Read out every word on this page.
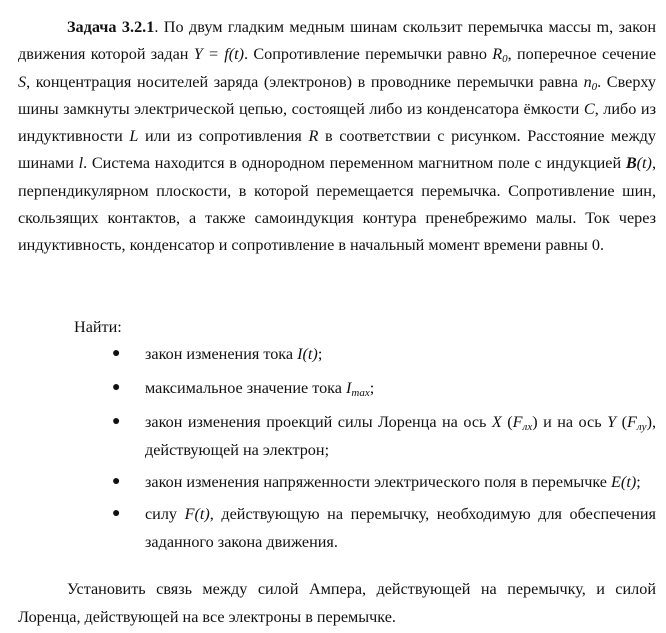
Задача 3.2.1. По двум гладким медным шинам скользит перемычка массы m, закон движения которой задан Y = f(t). Сопротивление перемычки равно $R_0$, поперечное сечение S, концентрация носителей заряда (электронов) в проводнике перемычки равна $n_0$. Сверху шины замкнуты электрической цепью, состоящей либо из конденсатора ёмкости C, либо из индуктивности L или из сопротивления R в соответствии с рисунком. Расстояние между шинами l. Система находится в однородном переменном магнитном поле с индукцией B(t), перпендикулярном плоскости, в которой перемещается перемычка. Сопротивление шин, скользящих контактов, а также самоиндукция контура пренебрежимо малы. Ток через индуктивность, конденсатор и сопротивление в начальный момент времени равны 0.

Найти:

● закон изменения тока I(t);
● максимальное значение тока $I_{max}$;
● закон изменения проекций силы Лоренца на ось X $(F_{лx})$ и на ось Y $(F_{лy})$, действующей на электрон;
● закон изменения напряженности электрического поля в перемычке E(t);
● силу F(t), действующую на перемычку, необходимую для обеспечения заданного закона движения.

Установить связь между силой Ампера, действующей на перемычку, и силой Лоренца, действующей на все электроны в перемычке.
